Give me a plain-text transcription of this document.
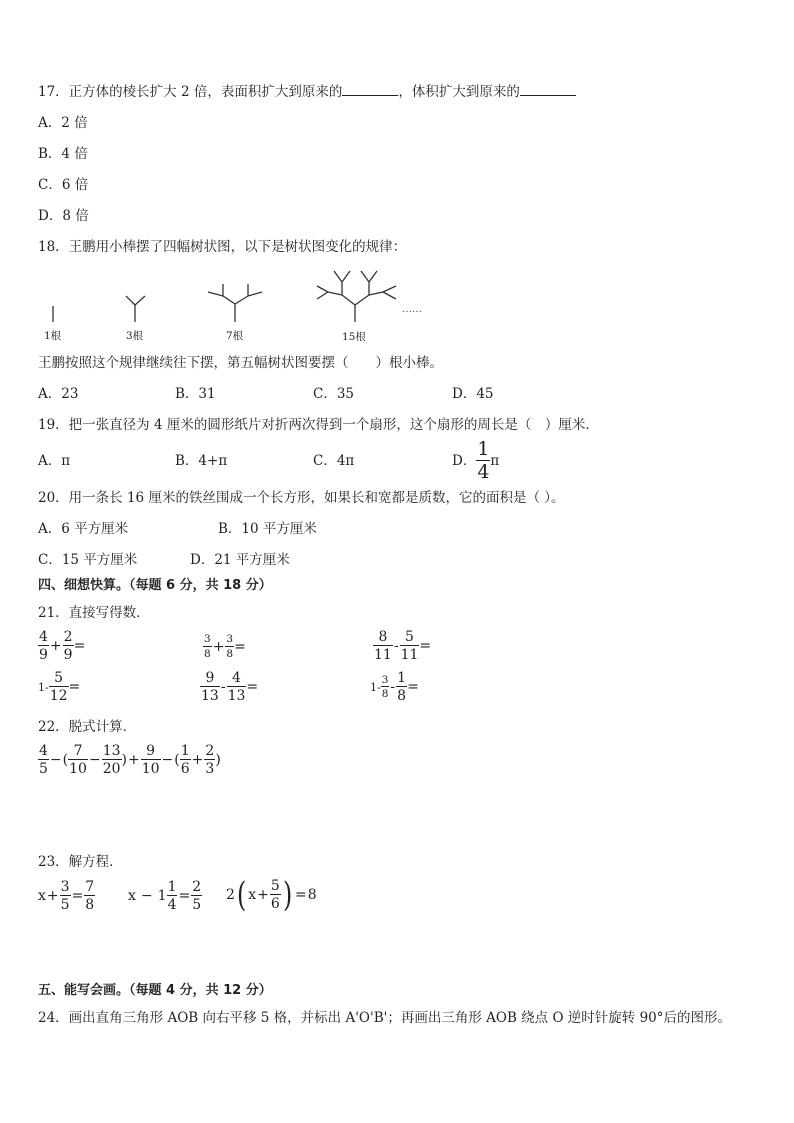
17．正方体的棱长扩大 2 倍，表面积扩大到原来的	，体积扩大到原来的
A．2 倍
B．4 倍
C．6 倍
D．8 倍
18．王鹏用小棒摆了四幅树状图，以下是树状图变化的规律：
1根	3根	7根	15根
……
王鹏按照这个规律继续往下摆，第五幅树状图要摆（　　）根小棒。
A．23	B．31	C．35	D．45
19．把一张直径为 4 厘米的圆形纸片对折两次得到一个扇形，这个扇形的周长是（　）厘米．
A．π	B．4+π	C．4π	D． $\frac{1}{4}$ π
20．用一条长 16 厘米的铁丝围成一个长方形，如果长和宽都是质数，它的面积是（ ）。
A．6 平方厘米	B．10 平方厘米
C．15 平方厘米	D．21 平方厘米
四、细想快算。（每题 6 分，共 18 分）
21．直接写得数．
$\frac{4}{9} + \frac{2}{9}$ =	$\frac{3}{8} + \frac{3}{8}$ =	$\frac{8}{11} - \frac{5}{11}$ =
$1- \frac{5}{12}$ =	$\frac{9}{13} - \frac{4}{13}$ =	$1- \frac{3}{8} - \frac{1}{8}$ =
22．脱式计算．
$\frac{4}{5}$ − ( $\frac{7}{10} - \frac{13}{20}$ ) + $\frac{9}{10}$ − ( $\frac{1}{6} + \frac{2}{3}$ )
23．解方程．
$x + \frac{3}{5} = \frac{7}{8}$ $x - 1 \frac{1}{4} = \frac{2}{5} 2$ ( $x + \frac{5}{6}$ ) = 8
五、能写会画。（每题 4 分，共 12 分）
24．画出直角三角形 AOB 向右平移 5 格，并标出 A'O'B'；再画出三角形 AOB 绕点 O 逆时针旋转 90°后的图形。
